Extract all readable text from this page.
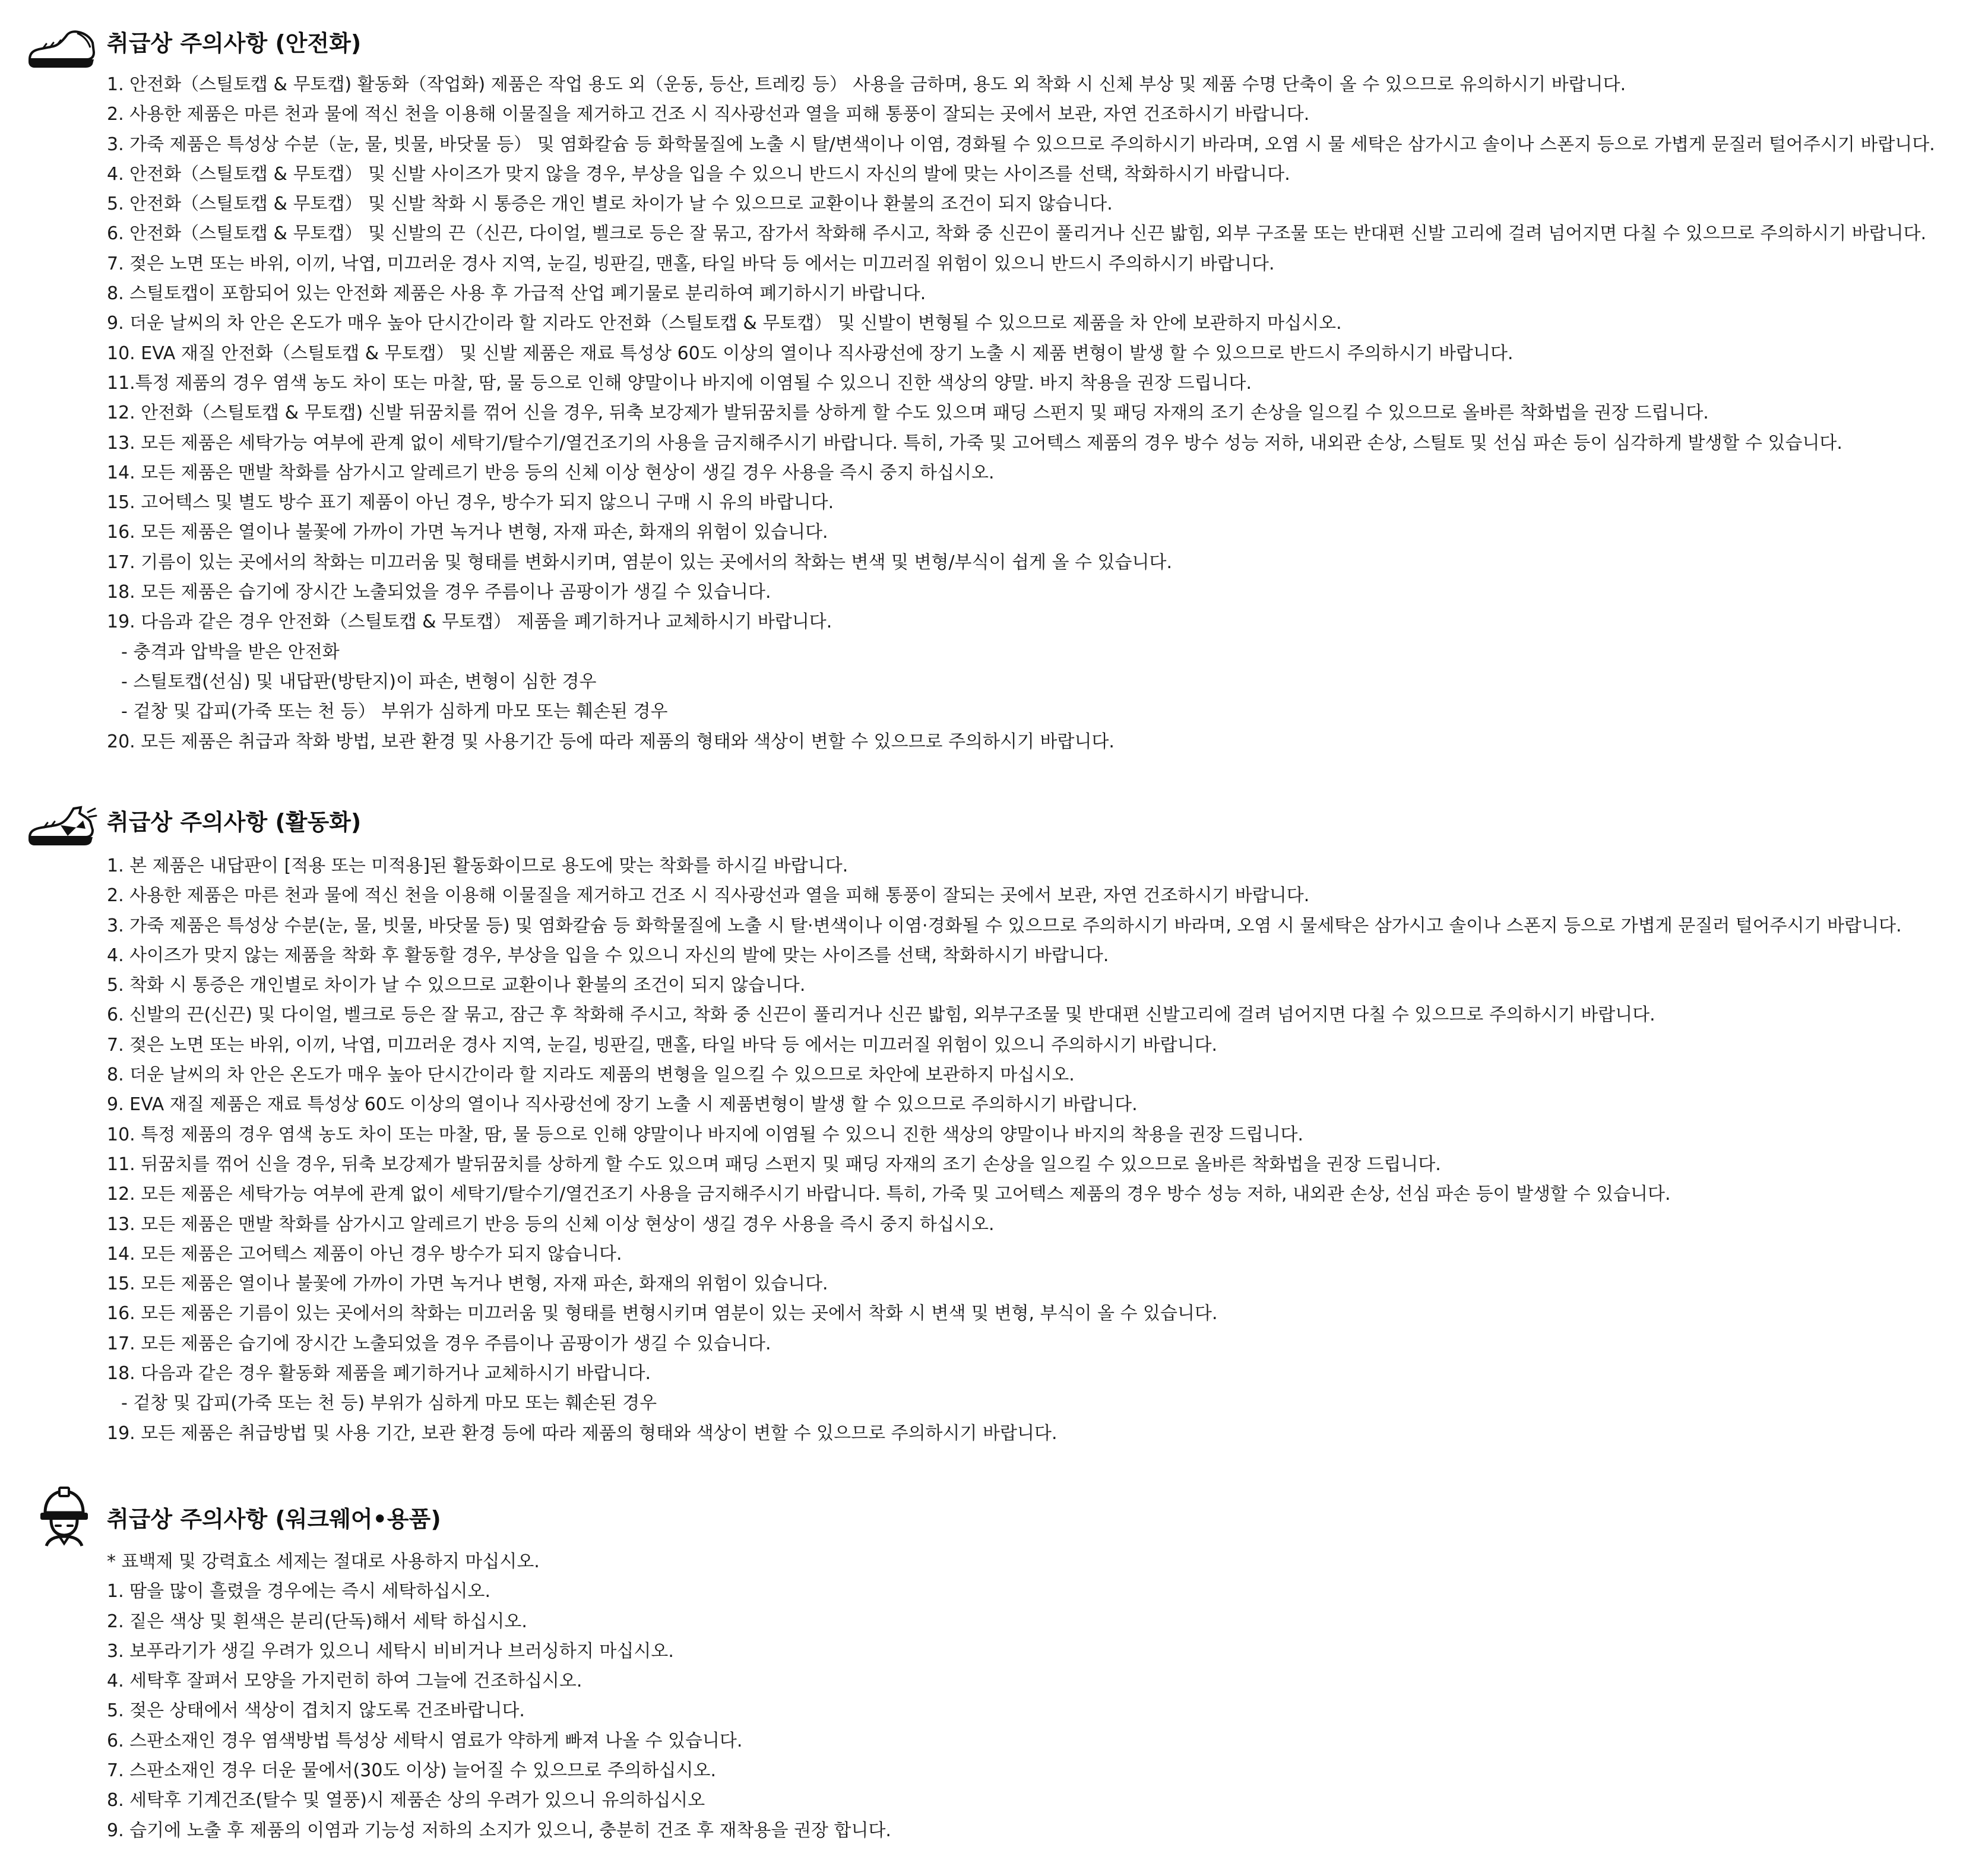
취급상 주의사항 (안전화)
1. 안전화（스틸토캡 & 무토캡) 활동화（작업화) 제품은 작업 용도 외（운동, 등산, 트레킹 등） 사용을 금하며, 용도 외 착화 시 신체 부상 및 제품 수명 단축이 올 수 있으므로 유의하시기 바랍니다.
2. 사용한 제품은 마른 천과 물에 적신 천을 이용해 이물질을 제거하고 건조 시 직사광선과 열을 피해 통풍이 잘되는 곳에서 보관, 자연 건조하시기 바랍니다.
3. 가죽 제품은 특성상 수분（눈, 물, 빗물, 바닷물 등） 및 염화칼슘 등 화학물질에 노출 시 탈/변색이나 이염, 경화될 수 있으므로 주의하시기 바라며, 오염 시 물 세탁은 삼가시고 솔이나 스폰지 등으로 가볍게 문질러 털어주시기 바랍니다.
4. 안전화（스틸토캡 & 무토캡） 및 신발 사이즈가 맞지 않을 경우, 부상을 입을 수 있으니 반드시 자신의 발에 맞는 사이즈를 선택, 착화하시기 바랍니다.
5. 안전화（스틸토캡 & 무토캡） 및 신발 착화 시 통증은 개인 별로 차이가 날 수 있으므로 교환이나 환불의 조건이 되지 않습니다.
6. 안전화（스틸토캡 & 무토캡） 및 신발의 끈（신끈, 다이얼, 벨크로 등은 잘 묶고, 잠가서 착화해 주시고, 착화 중 신끈이 풀리거나 신끈 밟힘, 외부 구조물 또는 반대편 신발 고리에 걸려 넘어지면 다칠 수 있으므로 주의하시기 바랍니다.
7. 젖은 노면 또는 바위, 이끼, 낙엽, 미끄러운 경사 지역, 눈길, 빙판길, 맨홀, 타일 바닥 등 에서는 미끄러질 위험이 있으니 반드시 주의하시기 바랍니다.
8. 스틸토캡이 포함되어 있는 안전화 제품은 사용 후 가급적 산업 폐기물로 분리하여 폐기하시기 바랍니다.
9. 더운 날씨의 차 안은 온도가 매우 높아 단시간이라 할 지라도 안전화（스틸토캡 & 무토캡） 및 신발이 변형될 수 있으므로 제품을 차 안에 보관하지 마십시오.
10. EVA 재질 안전화（스틸토캡 & 무토캡） 및 신발 제품은 재료 특성상 60도 이상의 열이나 직사광선에 장기 노출 시 제품 변형이 발생 할 수 있으므로 반드시 주의하시기 바랍니다.
11.특정 제품의 경우 염색 농도 차이 또는 마찰, 땀, 물 등으로 인해 양말이나 바지에 이염될 수 있으니 진한 색상의 양말. 바지 착용을 권장 드립니다.
12. 안전화（스틸토캡 & 무토캡) 신발 뒤꿈치를 꺾어 신을 경우, 뒤축 보강제가 발뒤꿈치를 상하게 할 수도 있으며 패딩 스펀지 및 패딩 자재의 조기 손상을 일으킬 수 있으므로 올바른 착화법을 권장 드립니다.
13. 모든 제품은 세탁가능 여부에 관계 없이 세탁기/탈수기/열건조기의 사용을 금지해주시기 바랍니다. 특히, 가죽 및 고어텍스 제품의 경우 방수 성능 저하, 내외관 손상, 스틸토 및 선심 파손 등이 심각하게 발생할 수 있습니다.
14. 모든 제품은 맨발 착화를 삼가시고 알레르기 반응 등의 신체 이상 현상이 생길 경우 사용을 즉시 중지 하십시오.
15. 고어텍스 및 별도 방수 표기 제품이 아닌 경우, 방수가 되지 않으니 구매 시 유의 바랍니다.
16. 모든 제품은 열이나 불꽃에 가까이 가면 녹거나 변형, 자재 파손, 화재의 위험이 있습니다.
17. 기름이 있는 곳에서의 착화는 미끄러움 및 형태를 변화시키며, 염분이 있는 곳에서의 착화는 변색 및 변형/부식이 쉽게 올 수 있습니다.
18. 모든 제품은 습기에 장시간 노출되었을 경우 주름이나 곰팡이가 생길 수 있습니다.
19. 다음과 같은 경우 안전화（스틸토캡 & 무토캡） 제품을 폐기하거나 교체하시기 바랍니다.
- 충격과 압박을 받은 안전화
- 스틸토캡(선심) 및 내답판(방탄지)이 파손, 변형이 심한 경우
- 겉창 및 갑피(가죽 또는 천 등） 부위가 심하게 마모 또는 훼손된 경우
20. 모든 제품은 취급과 착화 방법, 보관 환경 및 사용기간 등에 따라 제품의 형태와 색상이 변할 수 있으므로 주의하시기 바랍니다.
취급상 주의사항 (활동화)
1. 본 제품은 내답판이 [적용 또는 미적용]된 활동화이므로 용도에 맞는 착화를 하시길 바랍니다.
2. 사용한 제품은 마른 천과 물에 적신 천을 이용해 이물질을 제거하고 건조 시 직사광선과 열을 피해 통풍이 잘되는 곳에서 보관, 자연 건조하시기 바랍니다.
3. 가죽 제품은 특성상 수분(눈, 물, 빗물, 바닷물 등) 및 염화칼슘 등 화학물질에 노출 시 탈·변색이나 이염·경화될 수 있으므로 주의하시기 바라며, 오염 시 물세탁은 삼가시고 솔이나 스폰지 등으로 가볍게 문질러 털어주시기 바랍니다.
4. 사이즈가 맞지 않는 제품을 착화 후 활동할 경우, 부상을 입을 수 있으니 자신의 발에 맞는 사이즈를 선택, 착화하시기 바랍니다.
5. 착화 시 통증은 개인별로 차이가 날 수 있으므로 교환이나 환불의 조건이 되지 않습니다.
6. 신발의 끈(신끈) 및 다이얼, 벨크로 등은 잘 묶고, 잠근 후 착화해 주시고, 착화 중 신끈이 풀리거나 신끈 밟힘, 외부구조물 및 반대편 신발고리에 걸려 넘어지면 다칠 수 있으므로 주의하시기 바랍니다.
7. 젖은 노면 또는 바위, 이끼, 낙엽, 미끄러운 경사 지역, 눈길, 빙판길, 맨홀, 타일 바닥 등 에서는 미끄러질 위험이 있으니 주의하시기 바랍니다.
8. 더운 날씨의 차 안은 온도가 매우 높아 단시간이라 할 지라도 제품의 변형을 일으킬 수 있으므로 차안에 보관하지 마십시오.
9. EVA 재질 제품은 재료 특성상 60도 이상의 열이나 직사광선에 장기 노출 시 제품변형이 발생 할 수 있으므로 주의하시기 바랍니다.
10. 특정 제품의 경우 염색 농도 차이 또는 마찰, 땀, 물 등으로 인해 양말이나 바지에 이염될 수 있으니 진한 색상의 양말이나 바지의 착용을 권장 드립니다.
11. 뒤꿈치를 꺾어 신을 경우, 뒤축 보강제가 발뒤꿈치를 상하게 할 수도 있으며 패딩 스펀지 및 패딩 자재의 조기 손상을 일으킬 수 있으므로 올바른 착화법을 권장 드립니다.
12. 모든 제품은 세탁가능 여부에 관계 없이 세탁기/탈수기/열건조기 사용을 금지해주시기 바랍니다. 특히, 가죽 및 고어텍스 제품의 경우 방수 성능 저하, 내외관 손상, 선심 파손 등이 발생할 수 있습니다.
13. 모든 제품은 맨발 착화를 삼가시고 알레르기 반응 등의 신체 이상 현상이 생길 경우 사용을 즉시 중지 하십시오.
14. 모든 제품은 고어텍스 제품이 아닌 경우 방수가 되지 않습니다.
15. 모든 제품은 열이나 불꽃에 가까이 가면 녹거나 변형, 자재 파손, 화재의 위험이 있습니다.
16. 모든 제품은 기름이 있는 곳에서의 착화는 미끄러움 및 형태를 변형시키며 염분이 있는 곳에서 착화 시 변색 및 변형, 부식이 올 수 있습니다.
17. 모든 제품은 습기에 장시간 노출되었을 경우 주름이나 곰팡이가 생길 수 있습니다.
18. 다음과 같은 경우 활동화 제품을 폐기하거나 교체하시기 바랍니다.
- 겉창 및 갑피(가죽 또는 천 등) 부위가 심하게 마모 또는 훼손된 경우
19. 모든 제품은 취급방법 및 사용 기간, 보관 환경 등에 따라 제품의 형태와 색상이 변할 수 있으므로 주의하시기 바랍니다.
취급상 주의사항 (워크웨어•용품)
* 표백제 및 강력효소 세제는 절대로 사용하지 마십시오.
1. 땀을 많이 흘렸을 경우에는 즉시 세탁하십시오.
2. 짙은 색상 및 흰색은 분리(단독)해서 세탁 하십시오.
3. 보푸라기가 생길 우려가 있으니 세탁시 비비거나 브러싱하지 마십시오.
4. 세탁후 잘펴서 모양을 가지런히 하여 그늘에 건조하십시오.
5. 젖은 상태에서 색상이 겹치지 않도록 건조바랍니다.
6. 스판소재인 경우 염색방법 특성상 세탁시 염료가 약하게 빠져 나올 수 있습니다.
7. 스판소재인 경우 더운 물에서(30도 이상) 늘어질 수 있으므로 주의하십시오.
8. 세탁후 기계건조(탈수 및 열풍)시 제품손 상의 우려가 있으니 유의하십시오
9. 습기에 노출 후 제품의 이염과 기능성 저하의 소지가 있으니, 충분히 건조 후 재착용을 권장 합니다.
